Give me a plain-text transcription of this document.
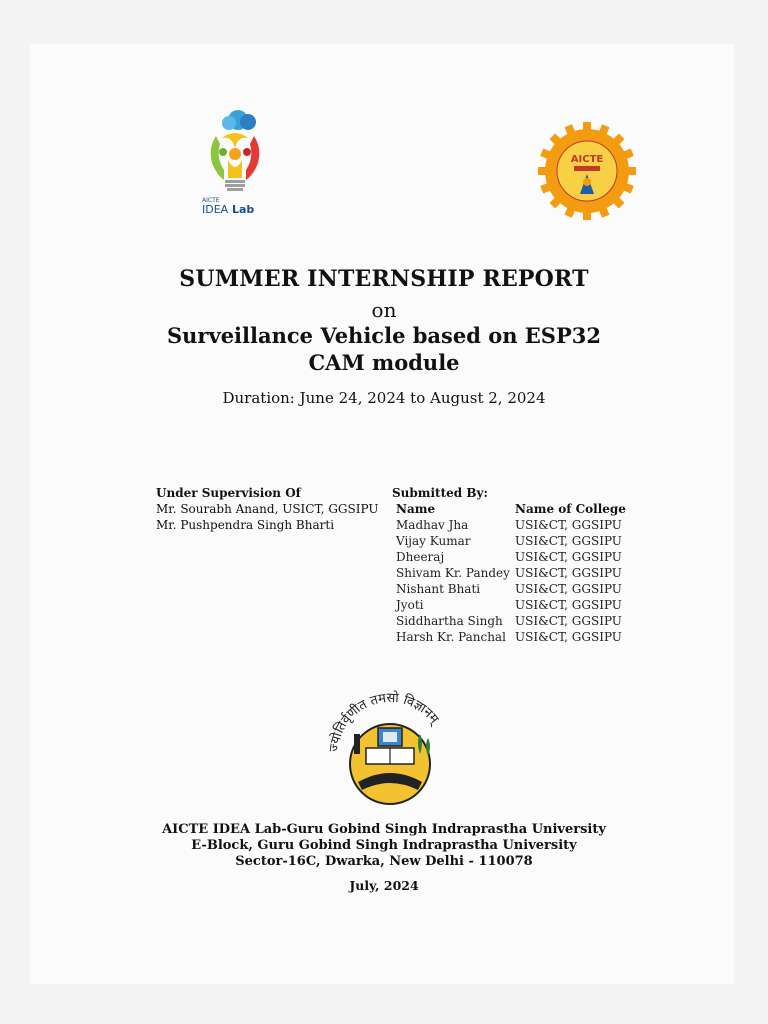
AICTE
IDEA Lab
AICTE
SUMMER INTERNSHIP REPORT
on
Surveillance Vehicle based on ESP32
CAM module
Duration: June 24, 2024 to August 2, 2024
Under Supervision Of
Mr. Sourabh Anand, USICT, GGSIPU
Mr. Pushpendra Singh Bharti
Submitted By:
Name	Name of College
Madhav Jha	USI&CT, GGSIPU
Vijay Kumar	USI&CT, GGSIPU
Dheeraj	USI&CT, GGSIPU
Shivam Kr. Pandey	USI&CT, GGSIPU
Nishant Bhati	USI&CT, GGSIPU
Jyoti	USI&CT, GGSIPU
Siddhartha Singh	USI&CT, GGSIPU
Harsh Kr. Panchal	USI&CT, GGSIPU
ज्योतिर्वृणीत तमसो विज्ञानम्
AICTE IDEA Lab-Guru Gobind Singh Indraprastha University
E-Block, Guru Gobind Singh Indraprastha University
Sector-16C, Dwarka, New Delhi - 110078
July, 2024
